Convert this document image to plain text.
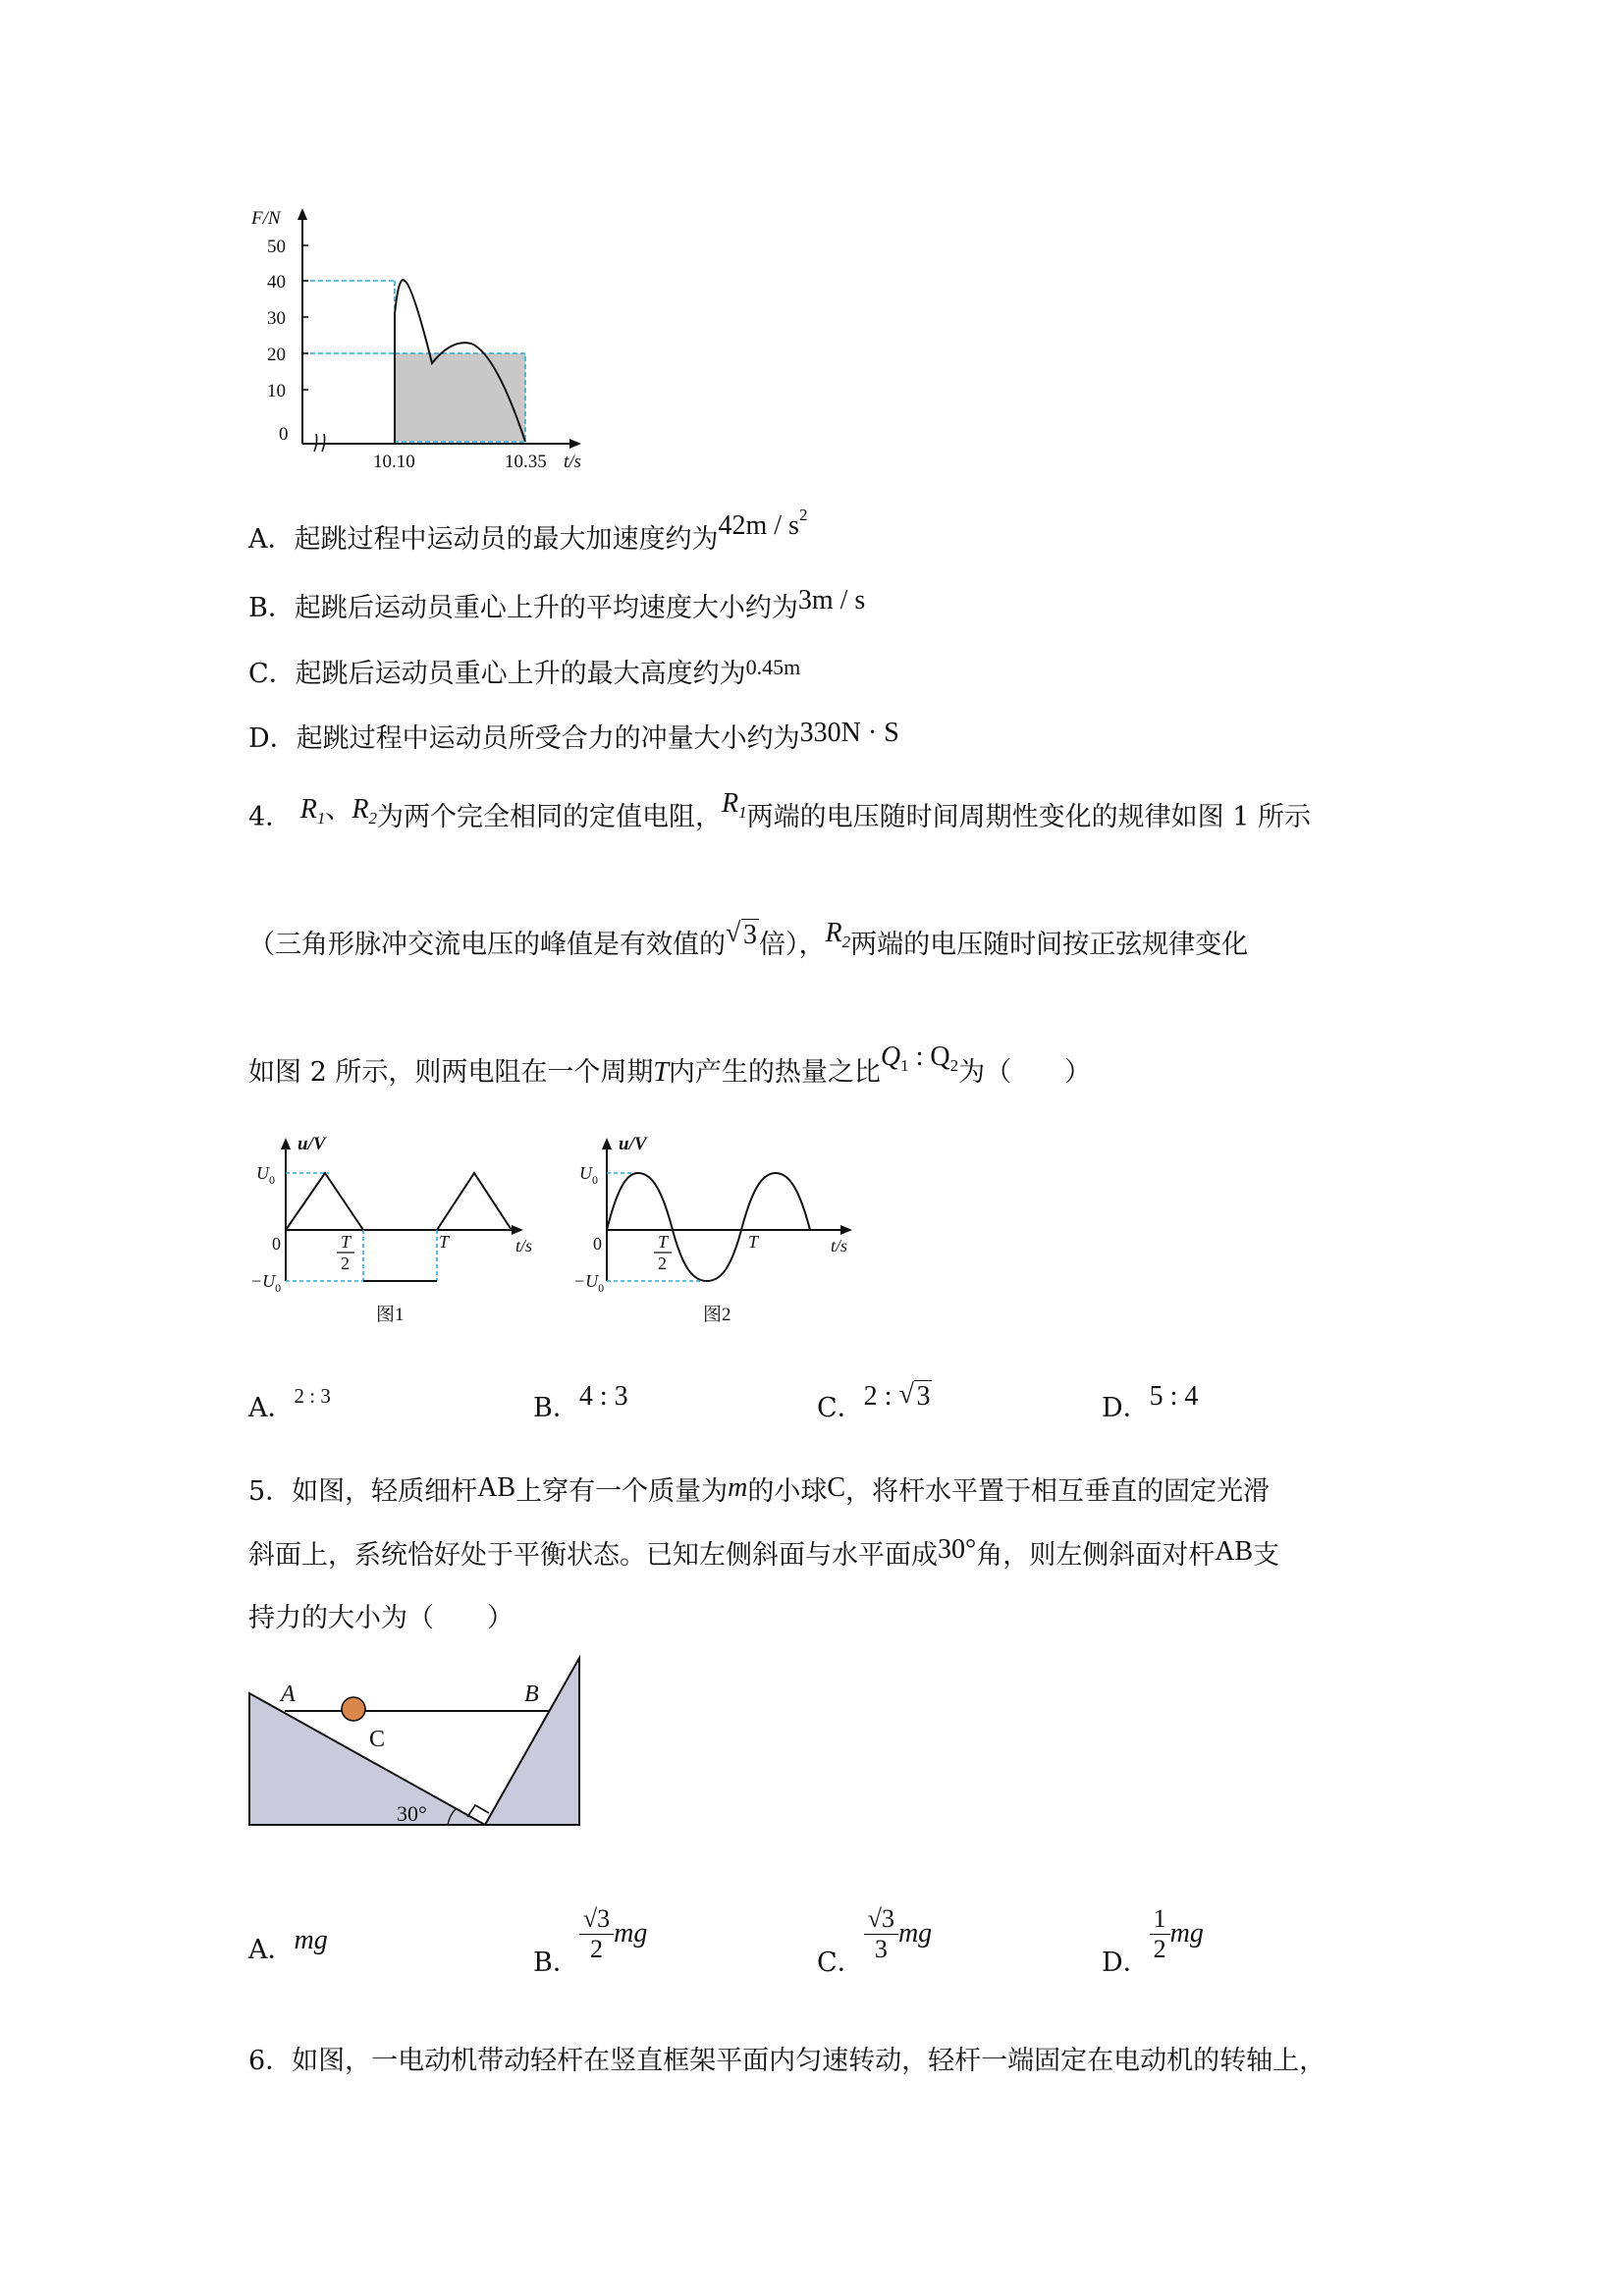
50
40
30
20
10
0
F/N
10.10	10.35 t/s
A．起跳过程中运动员的最大加速度约为$42m / s^2$
B．起跳后运动员重心上升的平均速度大小约为3m / s
C．起跳后运动员重心上升的最大高度约为$^{0.45m}$
D．起跳过程中运动员所受合力的冲量大小约为330N · S
4． $R_1$、$R_2$为两个完全相同的定值电阻，$R_1$两端的电压随时间周期性变化的规律如图 1 所示
（三角形脉冲交流电压的峰值是有效值的 √ 3倍），$R_2$两端的电压随时间按正弦规律变化
如图 2 所示，则两电阻在一个周期T内产生的热量之比$Q_1$ : $Q_2$为（　　）
u/V
$U_0$
$-U_0$
0	T
2
T	t/s
图1
u/V
$U_0$
$-U_0$
0	T
2
T	t/s
图2
A．$^{2 : 3}$	B．4 : 3	C．2 : √ 3	D．5 : 4
5．如图，轻质细杆AB上穿有一个质量为m的小球C，将杆水平置于相互垂直的固定光滑
斜面上，系统恰好处于平衡状态。已知左侧斜面与水平面成30°角，则左侧斜面对杆AB支
持力的大小为（　　）
A	B
C
30°
A．mg
B． $\frac{√3}{2}$ mg
C． $\frac{√3}{3}$ mg
D． $\frac{1}{2}$ mg
6．如图，一电动机带动轻杆在竖直框架平面内匀速转动，轻杆一端固定在电动机的转轴上，
